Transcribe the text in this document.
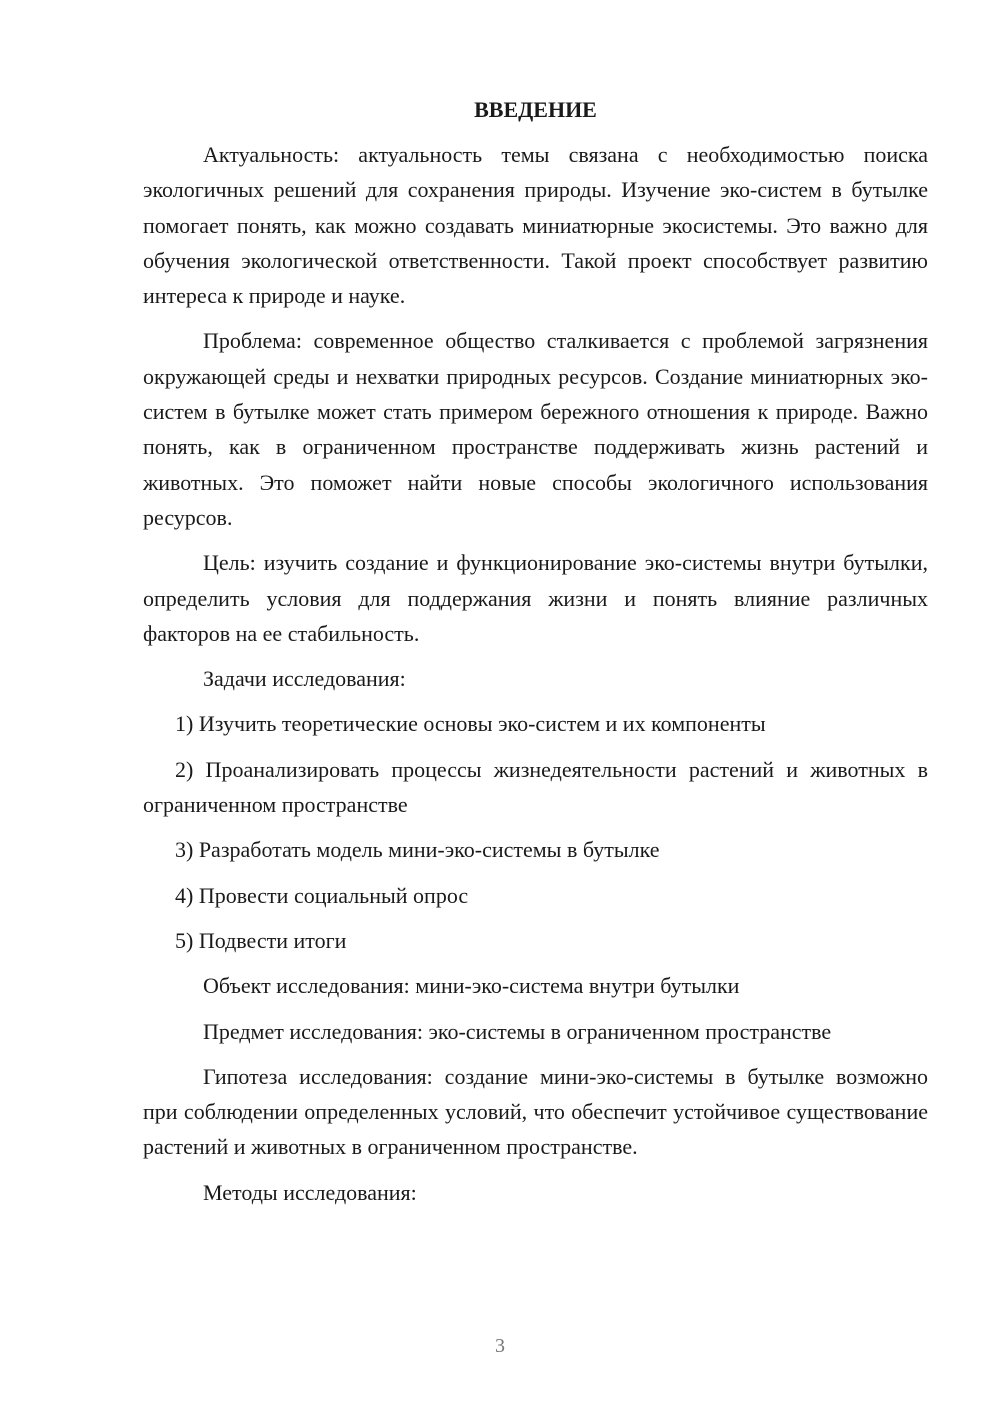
ВВЕДЕНИЕ

Актуальность: актуальность темы связана с необходимостью поиска экологичных решений для сохранения природы. Изучение эко-систем в бутылке помогает понять, как можно создавать миниатюрные экосистемы. Это важно для обучения экологической ответственности. Такой проект способствует развитию интереса к природе и науке.

Проблема: современное общество сталкивается с проблемой загрязнения окружающей среды и нехватки природных ресурсов. Создание миниатюрных эко-систем в бутылке может стать примером бережного отношения к природе. Важно понять, как в ограниченном пространстве поддерживать жизнь растений и животных. Это поможет найти новые способы экологичного использования ресурсов.

Цель: изучить создание и функционирование эко-системы внутри бутылки, определить условия для поддержания жизни и понять влияние различных факторов на ее стабильность.

Задачи исследования:

1) Изучить теоретические основы эко-систем и их компоненты

2) Проанализировать процессы жизнедеятельности растений и животных в ограниченном пространстве

3) Разработать модель мини-эко-системы в бутылке

4) Провести социальный опрос

5) Подвести итоги

Объект исследования: мини-эко-система внутри бутылки

Предмет исследования: эко-системы в ограниченном пространстве

Гипотеза исследования: создание мини-эко-системы в бутылке возможно при соблюдении определенных условий, что обеспечит устойчивое существование растений и животных в ограниченном пространстве.

Методы исследования:

3
